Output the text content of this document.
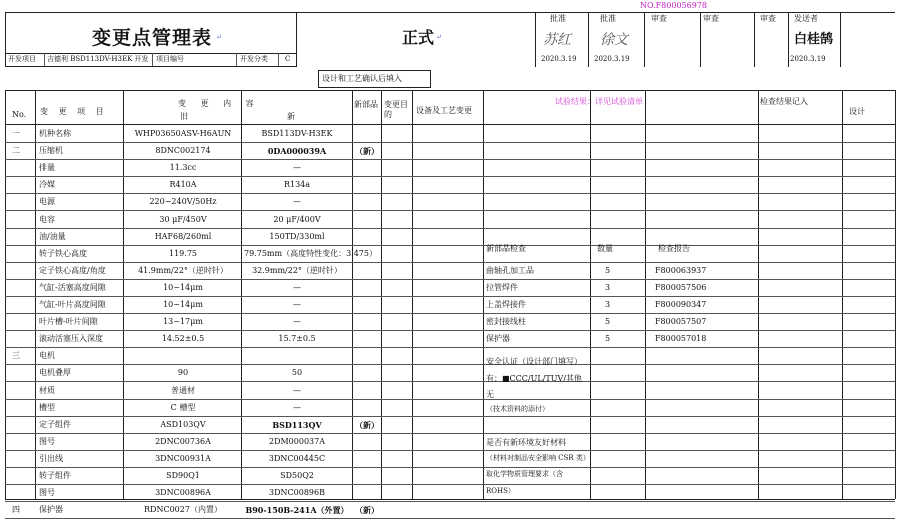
NO.F800056978
变更点管理表 ↵	正式 ↵
开发项目 吉德利 BSD113DV-H3EK 开发 项目编号	开发分类 C
批准
苏红
2020.3.19
批准
徐文
2020.3.19
审查	审查	审查 发送者
白桂鹄
2020.3.19
设计和工艺确认后填入
No. 变 更 项 目
变 更 内 容
旧	新
新部品 变更目的	设备及工艺变更
试验结果：详见试验清单	检查结果记入
设计
一 机种名称	WHP03650ASV-H6AUN	BSD113DV-H3EK
二 压缩机	8DNC002174	0DA000039A	（新）
排量	11.3cc	—
冷媒	R410A	R134a
电源	220~240V/50Hz	—
电容	30 μF/450V	20 μF/400V
油/油量	HAF68/260ml	150TD/330ml
转子铁心高度	119.75	79.75mm（高度特性变化：3.475）
定子铁心高度/角度	41.9mm/22°（逆时针）	32.9mm/22°（逆时针）
气缸-活塞高度间隙	10~14μm	—
气缸-叶片高度间隙	10~14μm	—
叶片槽-叶片间隙	13~17μm	—
滚动活塞压入深度	14.52±0.5	15.7±0.5
三 电机
电机叠厚	90	50
材质	普通材	—
槽型	C 槽型	—
定子组件	ASD103QV	BSD113QV	（新）
图号	2DNC00736A	2DM000037A
引出线	3DNC00931A	3DNC00445C
转子组件	SD90Q1	SD50Q2
图号	3DNC00896A	3DNC00896B
四 保护器	RDNC0027（内置）	B90-150B-241A（外置） （新）
新部品检查	数量	检查报告
曲轴孔加工品	5	F800063937
拉管焊件	3	F800057506
上盖焊接件	3	F800090347
密封接线柱	5	F800057507
保护器	5	F800057018
安全认证（设计部门填写）
有：■CCC/UL/TUV/其他
无
（技术资料的添付）
是否有新环境友好材料
（材料对制品安全影响 CSR 类）
取化学物质管理要求（含
ROHS）
